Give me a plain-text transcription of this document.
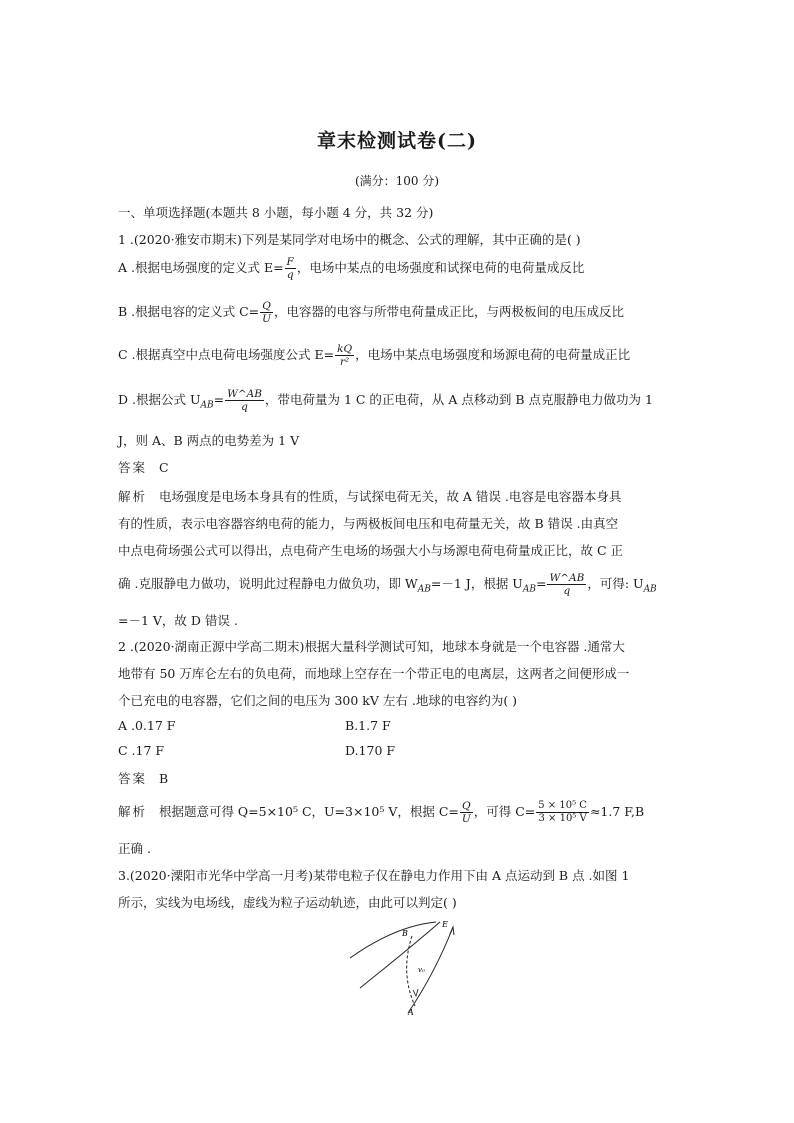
章末检测试卷(二)
(满分：100 分)
一、单项选择题(本题共 8 小题，每小题 4 分，共 32 分)
1 .(2020·雅安市期末)下列是某同学对电场中的概念、公式的理解，其中正确的是( )
A .根据电场强度的定义式 $E= \frac{F}{q}$ ，电场中某点的电场强度和试探电荷的电荷量成反比
B .根据电容的定义式 $C= \frac{Q}{U}$ ，电容器的电容与所带电荷量成正比，与两极板间的电压成反比
C .根据真空中点电荷电场强度公式 $E= \frac{kQ}{\text{r²}}$ ，电场中某点电场强度和场源电荷的电荷量成正比
D .根据公式 $U_{AB}= \frac{W\^{}AB}{q}$ ，带电荷量为 1 C 的正电荷，从 A 点移动到 B 点克服静电力做功为 1
J，则 A、B 两点的电势差为 1 V
答案 C
解析 电场强度是电场本身具有的性质，与试探电荷无关，故 A 错误 .电容是电容器本身具
有的性质，表示电容器容纳电荷的能力，与两极板间电压和电荷量无关，故 B 错误 .由真空
中点电荷场强公式可以得出，点电荷产生电场的场强大小与场源电荷电荷量成正比，故 C 正
确 .克服静电力做功，说明此过程静电力做负功，即 $W_{AB}=-1$ J，根据 $U_{AB}= \frac{W\^{}AB}{q}$ ，可得: $U_{AB}$
=－1 V，故 D 错误 .
2 .(2020·湖南正源中学高二期末)根据大量科学测试可知，地球本身就是一个电容器 .通常大
地带有 50 万库仑左右的负电荷，而地球上空存在一个带正电的电离层，这两者之间便形成一
个已充电的电容器，它们之间的电压为 300 kV 左右 .地球的电容约为( )
A .0.17 F	B.1.7 F
C .17 F	D.170 F
答案 B
解析 根据题意可得 Q=5×10⁵ C，U=3×10⁵ V，根据 $C= \frac{Q}{U}$ ，可得 $C= \frac{\text{5 × 10⁵ C}}{\text{3 × 10⁵ V}} \approx 1.7$ F,B
正确 .
3.(2020·溧阳市光华中学高一月考)某带电粒子仅在静电力作用下由 A 点运动到 B 点 .如图 1
所示，实线为电场线，虚线为粒子运动轨迹，由此可以判定( )
B
E
v₀
A
